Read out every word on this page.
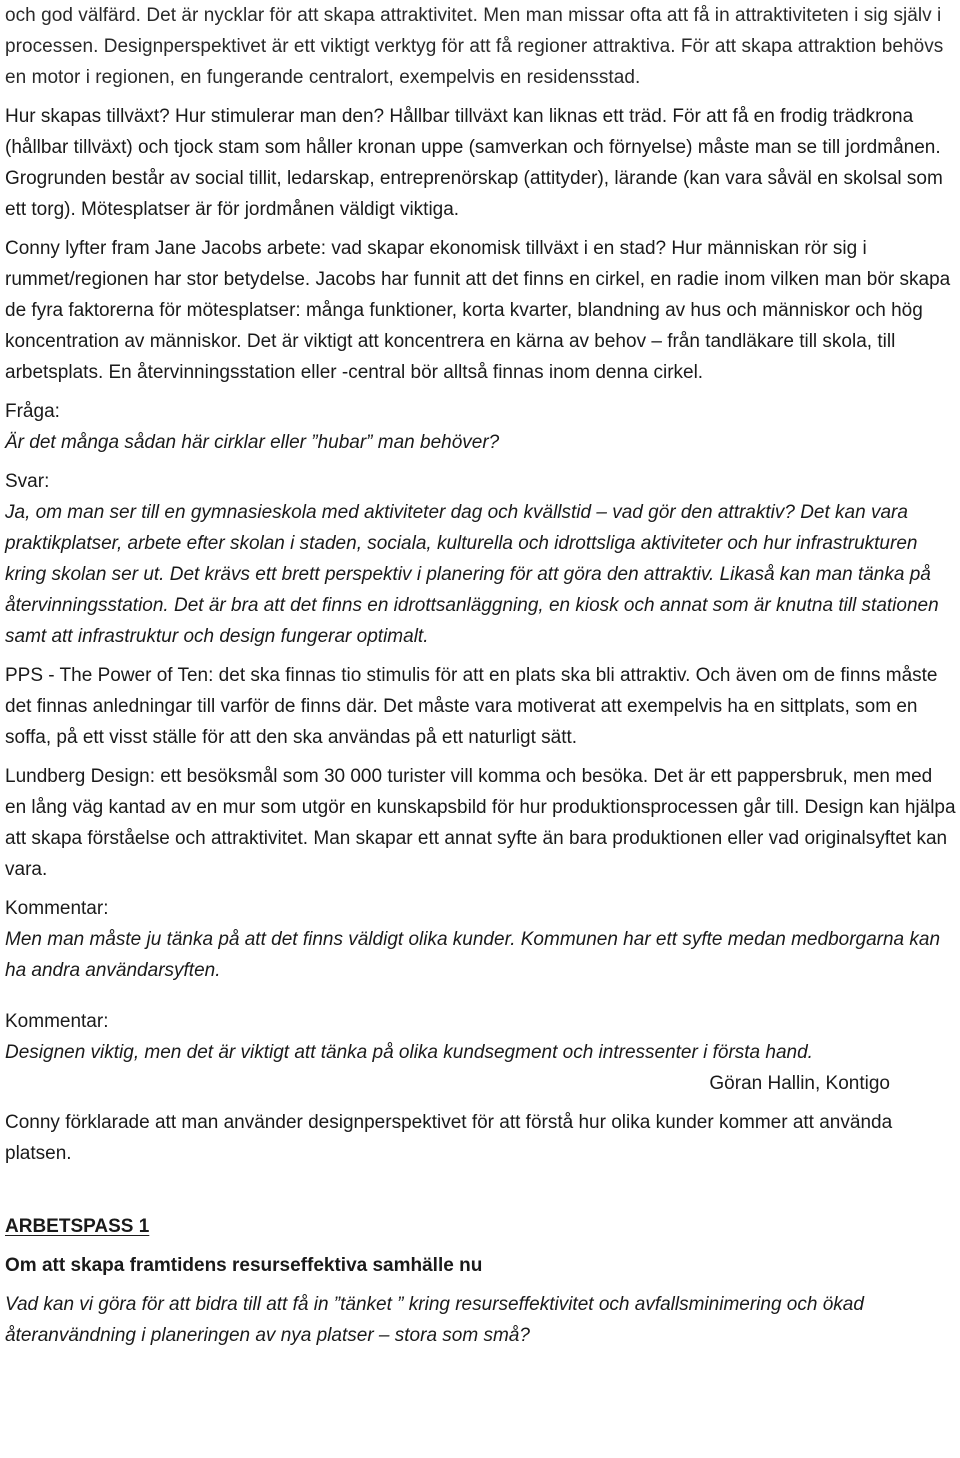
och god välfärd. Det är nycklar för att skapa attraktivitet. Men man missar ofta att få in attraktiviteten i sig själv i processen. Designperspektivet är ett viktigt verktyg för att få regioner attraktiva. För att skapa attraktion behövs en motor i regionen, en fungerande centralort, exempelvis en residensstad.

Hur skapas tillväxt? Hur stimulerar man den? Hållbar tillväxt kan liknas ett träd. För att få en frodig trädkrona (hållbar tillväxt) och tjock stam som håller kronan uppe (samverkan och förnyelse) måste man se till jordmånen. Grogrunden består av social tillit, ledarskap, entreprenörskap (attityder), lärande (kan vara såväl en skolsal som ett torg). Mötesplatser är för jordmånen väldigt viktiga.

Conny lyfter fram Jane Jacobs arbete: vad skapar ekonomisk tillväxt i en stad? Hur människan rör sig i rummet/regionen har stor betydelse. Jacobs har funnit att det finns en cirkel, en radie inom vilken man bör skapa de fyra faktorerna för mötesplatser: många funktioner, korta kvarter, blandning av hus och människor och hög koncentration av människor. Det är viktigt att koncentrera en kärna av behov – från tandläkare till skola, till arbetsplats. En återvinningsstation eller -central bör alltså finnas inom denna cirkel.

Fråga:

Är det många sådan här cirklar eller ”hubar” man behöver?

Svar:

Ja, om man ser till en gymnasieskola med aktiviteter dag och kvällstid – vad gör den attraktiv? Det kan vara praktikplatser, arbete efter skolan i staden, sociala, kulturella och idrottsliga aktiviteter och hur infrastrukturen kring skolan ser ut. Det krävs ett brett perspektiv i planering för att göra den attraktiv. Likaså kan man tänka på återvinningsstation. Det är bra att det finns en idrottsanläggning, en kiosk och annat som är knutna till stationen samt att infrastruktur och design fungerar optimalt.

PPS - The Power of Ten: det ska finnas tio stimulis för att en plats ska bli attraktiv. Och även om de finns måste det finnas anledningar till varför de finns där. Det måste vara motiverat att exempelvis ha en sittplats, som en soffa, på ett visst ställe för att den ska användas på ett naturligt sätt.

Lundberg Design: ett besöksmål som 30 000 turister vill komma och besöka. Det är ett pappersbruk, men med en lång väg kantad av en mur som utgör en kunskapsbild för hur produktionsprocessen går till. Design kan hjälpa att skapa förståelse och attraktivitet. Man skapar ett annat syfte än bara produktionen eller vad originalsyftet kan vara.

Kommentar:

Men man måste ju tänka på att det finns väldigt olika kunder. Kommunen har ett syfte medan medborgarna kan ha andra användarsyften.

Kommentar:

Designen viktig, men det är viktigt att tänka på olika kundsegment och intressenter i första hand.

Göran Hallin, Kontigo

Conny förklarade att man använder designperspektivet för att förstå hur olika kunder kommer att använda platsen.

ARBETSPASS 1

Om att skapa framtidens resurseffektiva samhälle nu

Vad kan vi göra för att bidra till att få in ”tänket ” kring resurseffektivitet och avfallsminimering och ökad återanvändning i planeringen av nya platser – stora som små?
